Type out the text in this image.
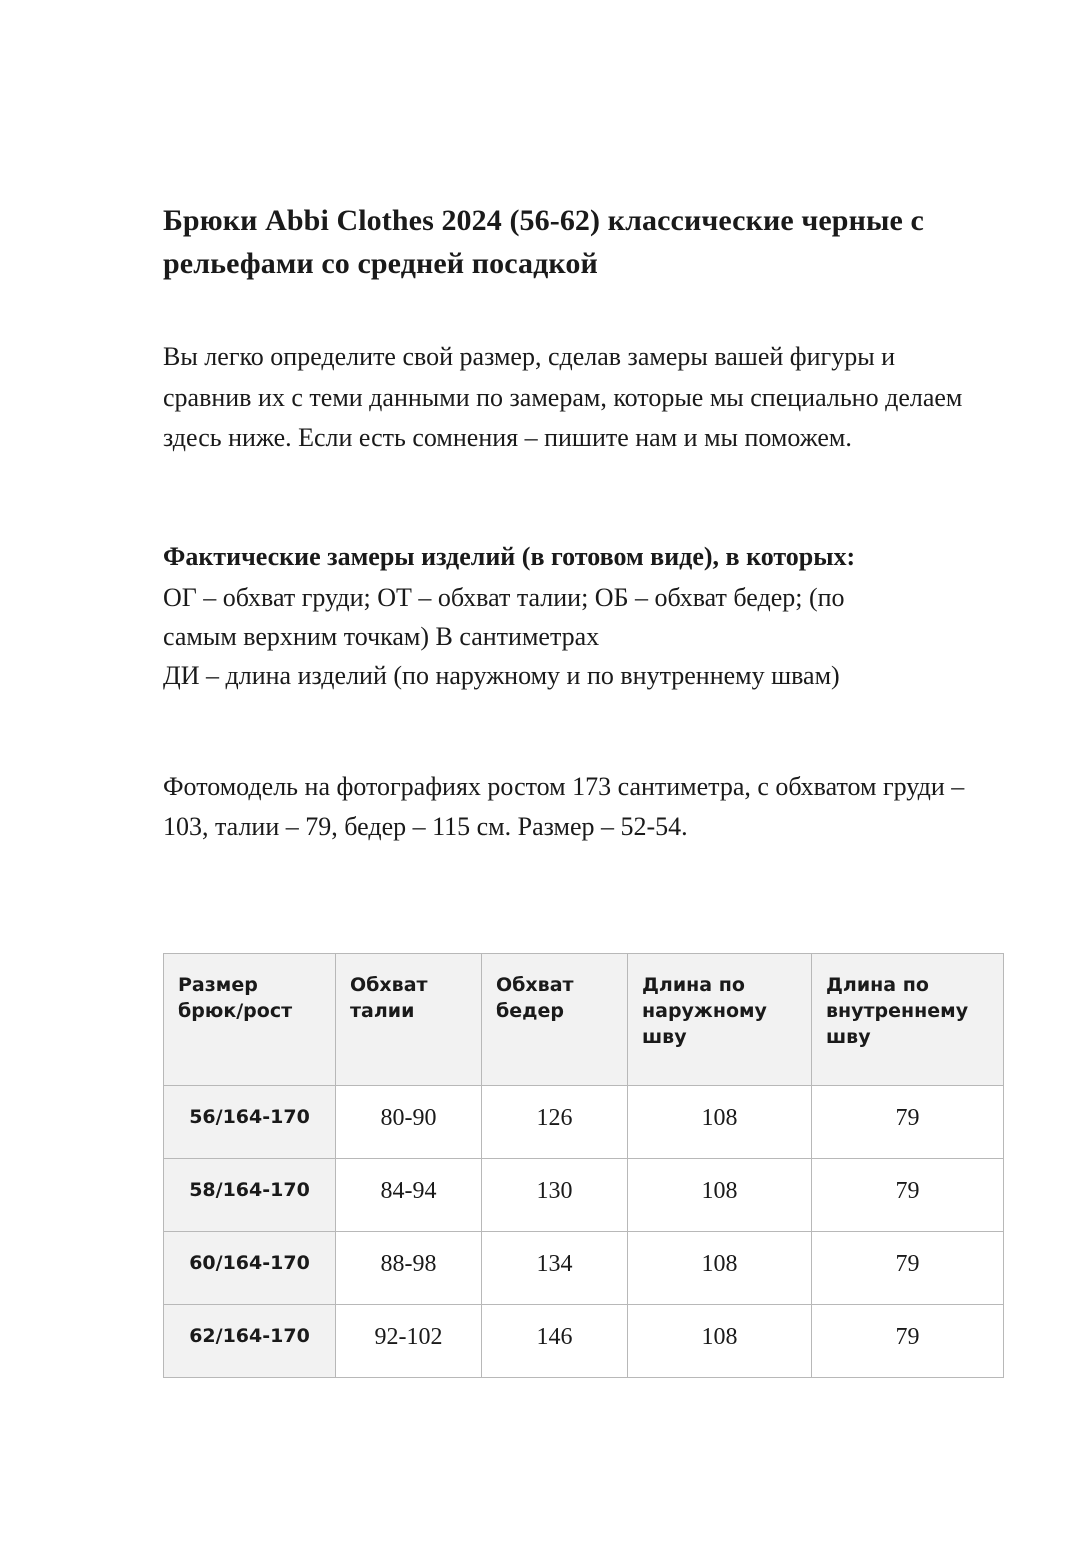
Брюки Abbi Clothes 2024 (56-62) классические черные с рельефами со средней посадкой

Вы легко определите свой размер, сделав замеры вашей фигуры и сравнив их с теми данными по замерам, которые мы специально делаем здесь ниже. Если есть сомнения – пишите нам и мы поможем.

Фактические замеры изделий (в готовом виде), в которых:

ОГ – обхват груди; ОТ – обхват талии; ОБ – обхват бедер; (по
самым верхним точкам) В сантиметрах
ДИ – длина изделий (по наружному и по внутреннему швам)

Фотомодель на фотографиях ростом 173 сантиметра, с обхватом груди – 103, талии – 79, бедер – 115 см. Размер – 52-54.

Размер брюк/рост	Обхват талии	Обхват бедер	Длина по наружному шву	Длина по внутреннему шву
56/164-170	80-90	126	108	79
58/164-170	84-94	130	108	79
60/164-170	88-98	134	108	79
62/164-170	92-102	146	108	79
